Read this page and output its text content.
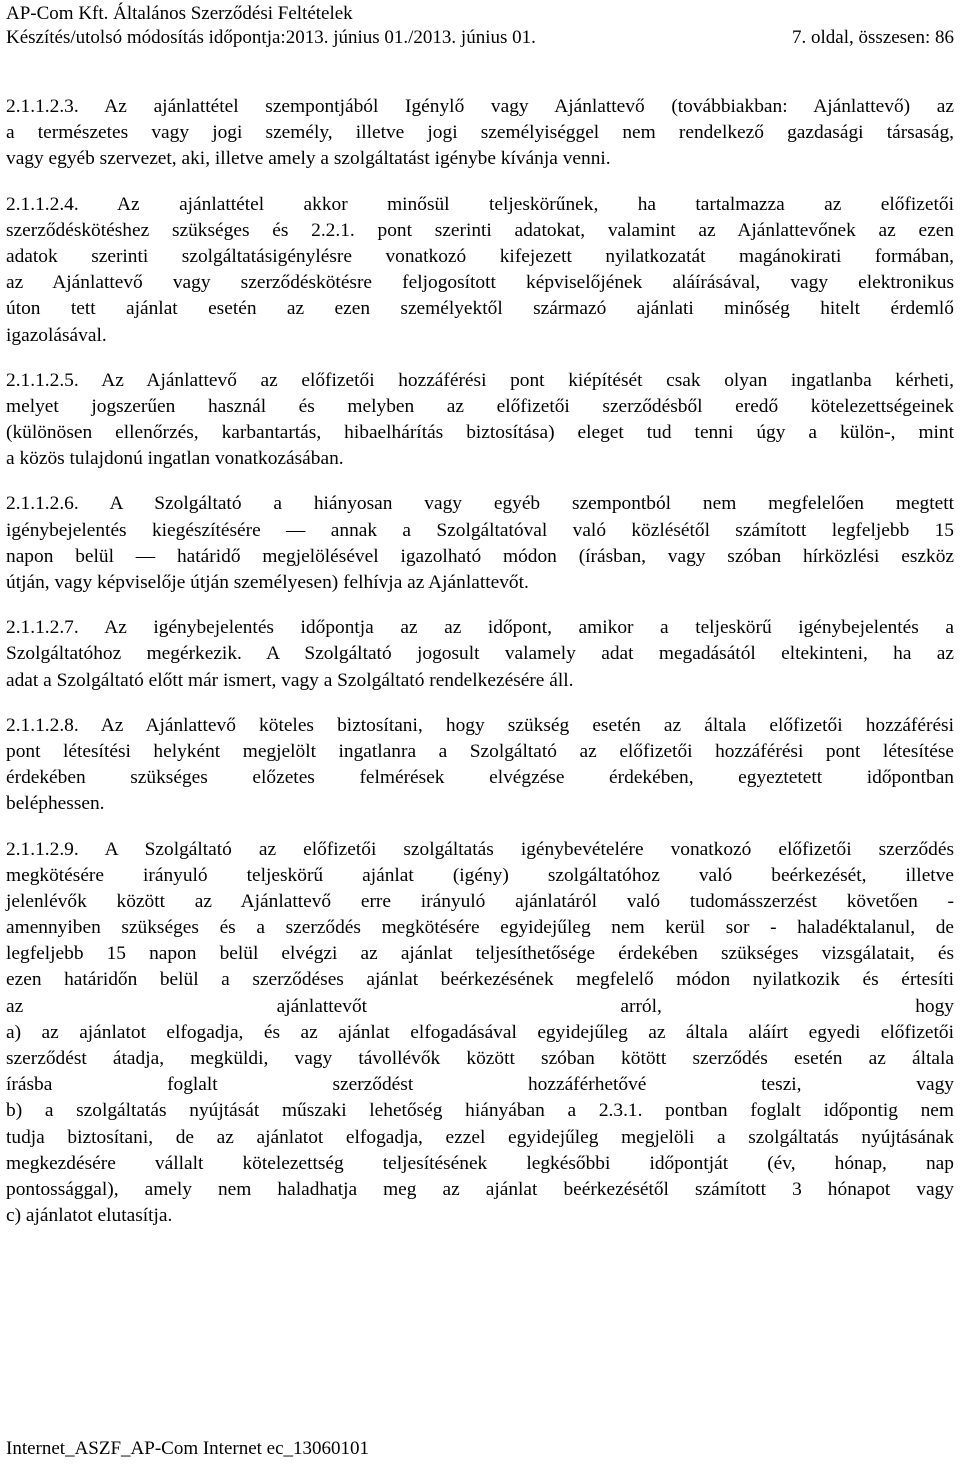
AP-Com Kft. Általános Szerződési Feltételek
Készítés/utolsó módosítás időpontja:2013. június 01./2013. június 01.	7. oldal, összesen: 86
2.1.1.2.3. Az ajánlattétel szempontjából Igénylő vagy Ajánlattevő (továbbiakban: Ajánlattevő) az
a természetes vagy jogi személy, illetve jogi személyiséggel nem rendelkező gazdasági társaság,
vagy egyéb szervezet, aki, illetve amely a szolgáltatást igénybe kívánja venni.
2.1.1.2.4. Az ajánlattétel akkor minősül teljeskörűnek, ha tartalmazza az előfizetői
szerződéskötéshez szükséges és 2.2.1. pont szerinti adatokat, valamint az Ajánlattevőnek az ezen
adatok szerinti szolgáltatásigénylésre vonatkozó kifejezett nyilatkozatát magánokirati formában,
az Ajánlattevő vagy szerződéskötésre feljogosított képviselőjének aláírásával, vagy elektronikus
úton tett ajánlat esetén az ezen személyektől származó ajánlati minőség hitelt érdemlő
igazolásával.
2.1.1.2.5. Az Ajánlattevő az előfizetői hozzáférési pont kiépítését csak olyan ingatlanba kérheti,
melyet jogszerűen használ és melyben az előfizetői szerződésből eredő kötelezettségeinek
(különösen ellenőrzés, karbantartás, hibaelhárítás biztosítása) eleget tud tenni úgy a külön-, mint
a közös tulajdonú ingatlan vonatkozásában.
2.1.1.2.6. A Szolgáltató a hiányosan vagy egyéb szempontból nem megfelelően megtett
igénybejelentés kiegészítésére — annak a Szolgáltatóval való közlésétől számított legfeljebb 15
napon belül — határidő megjelölésével igazolható módon (írásban, vagy szóban hírközlési eszköz
útján, vagy képviselője útján személyesen) felhívja az Ajánlattevőt.
2.1.1.2.7. Az igénybejelentés időpontja az az időpont, amikor a teljeskörű igénybejelentés a
Szolgáltatóhoz megérkezik. A Szolgáltató jogosult valamely adat megadásától eltekinteni, ha az
adat a Szolgáltató előtt már ismert, vagy a Szolgáltató rendelkezésére áll.
2.1.1.2.8. Az Ajánlattevő köteles biztosítani, hogy szükség esetén az általa előfizetői hozzáférési
pont létesítési helyként megjelölt ingatlanra a Szolgáltató az előfizetői hozzáférési pont létesítése
érdekében szükséges előzetes felmérések elvégzése érdekében, egyeztetett időpontban
beléphessen.
2.1.1.2.9. A Szolgáltató az előfizetői szolgáltatás igénybevételére vonatkozó előfizetői szerződés
megkötésére irányuló teljeskörű ajánlat (igény) szolgáltatóhoz való beérkezését, illetve
jelenlévők között az Ajánlattevő erre irányuló ajánlatáról való tudomásszerzést követően -
amennyiben szükséges és a szerződés megkötésére egyidejűleg nem kerül sor - haladéktalanul, de
legfeljebb 15 napon belül elvégzi az ajánlat teljesíthetősége érdekében szükséges vizsgálatait, és
ezen határidőn belül a szerződéses ajánlat beérkezésének megfelelő módon nyilatkozik és értesíti
az ajánlattevőt arról, hogy
a) az ajánlatot elfogadja, és az ajánlat elfogadásával egyidejűleg az általa aláírt egyedi előfizetői
szerződést átadja, megküldi, vagy távollévők között szóban kötött szerződés esetén az általa
írásba foglalt szerződést hozzáférhetővé teszi, vagy
b) a szolgáltatás nyújtását műszaki lehetőség hiányában a 2.3.1. pontban foglalt időpontig nem
tudja biztosítani, de az ajánlatot elfogadja, ezzel egyidejűleg megjelöli a szolgáltatás nyújtásának
megkezdésére vállalt kötelezettség teljesítésének legkésőbbi időpontját (év, hónap, nap
pontossággal), amely nem haladhatja meg az ajánlat beérkezésétől számított 3 hónapot vagy
c) ajánlatot elutasítja.
Internet_ASZF_AP-Com Internet ec_13060101
